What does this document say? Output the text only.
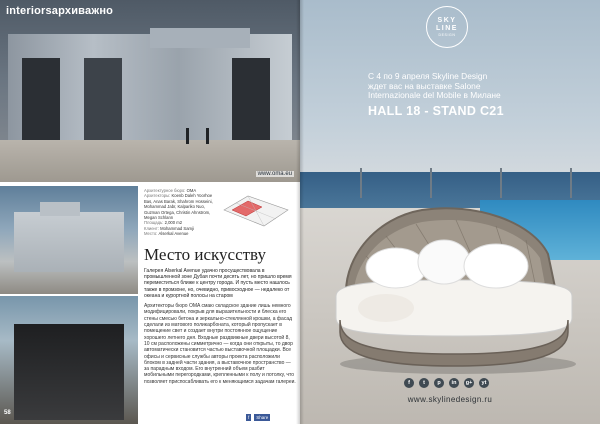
interiorsархиважно
www.oma.eu
58
Архитектурное бюро: OMA
Архитекторы: Koenb Daleh Yoorhoe Bas, Anas Barak, Shahrom Hosseini, Mohammad Jabr, Kalpariko Nuo, Guzman Ortega, Christin Ahnstrom, Megan Schlann
Площадь: 2,000 m2
Клиент: Mohammad Samji
Место: Alserkal Avenue
Место искусству

Галерея Alserkal Avenue удачно просуществовала в промышленной зоне Дубая почти десять лет, но пришло время переместиться ближе к центру города. И пусть место нашлось также в промзоне, но, очевидно, привосходное — недалеко от океана и курортной полосы на старом

Архитекторы бюро OMA смаю складское здание лишь немного модифицировали, покрыв для выразительности и блеска его стены смесью бетона и зеркально-стеклянной крошки, а фасад сделали из матового поликарбоната, который пропускает в помещение свет и создает внутри постоянное ощущение хорошего летнего дня. Входные раздвижные двери высотой 8, 10 см расположены симметрично — когда они открыты, то двор автоматически становится частью выставочной площадки. Все офисы и сервисные службы авторы проекта расположили блоком в задней части здания, а выставочное пространство — за парадным входом. Его внутренний объем разбит мобильными перегородками, крепленными к полу и потолку, что позволяет приспосабливать его к меняющимся задачам галереи.

f	Share
SKY
LINE
DESIGN
С 4 по 9 апреля Skyline Design
ждет вас на выставке Salone
Internazionale del Mobile в Милане
HALL 18 - STAND C21
f	t	p	in	g+	yt
www.skylinedesign.ru
